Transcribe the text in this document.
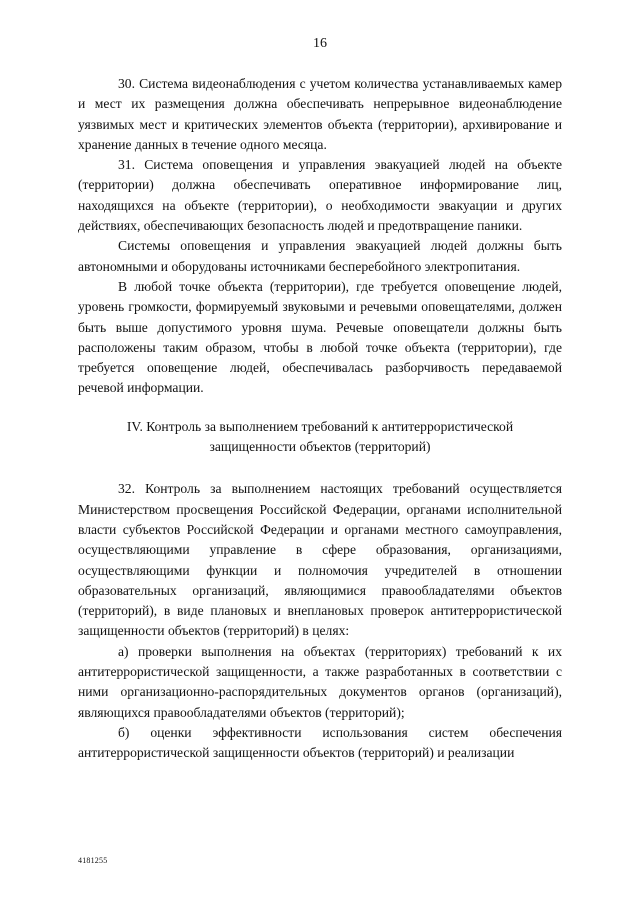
16

30. Система видеонаблюдения с учетом количества устанавливаемых камер и мест их размещения должна обеспечивать непрерывное видеонаблюдение уязвимых мест и критических элементов объекта (территории), архивирование и хранение данных в течение одного месяца.

31. Система оповещения и управления эвакуацией людей на объекте (территории) должна обеспечивать оперативное информирование лиц, находящихся на объекте (территории), о необходимости эвакуации и других действиях, обеспечивающих безопасность людей и предотвращение паники.

Системы оповещения и управления эвакуацией людей должны быть автономными и оборудованы источниками бесперебойного электропитания.

В любой точке объекта (территории), где требуется оповещение людей, уровень громкости, формируемый звуковыми и речевыми оповещателями, должен быть выше допустимого уровня шума. Речевые оповещатели должны быть расположены таким образом, чтобы в любой точке объекта (территории), где требуется оповещение людей, обеспечивалась разборчивость передаваемой речевой информации.

IV. Контроль за выполнением требований к антитеррористической
защищенности объектов (территорий)

32. Контроль за выполнением настоящих требований осуществляется Министерством просвещения Российской Федерации, органами исполнительной власти субъектов Российской Федерации и органами местного самоуправления, осуществляющими управление в сфере образования, организациями, осуществляющими функции и полномочия учредителей в отношении образовательных организаций, являющимися правообладателями объектов (территорий), в виде плановых и внеплановых проверок антитеррористической защищенности объектов (территорий) в целях:

а) проверки выполнения на объектах (территориях) требований к их антитеррористической защищенности, а также разработанных в соответствии с ними организационно-распорядительных документов органов (организаций), являющихся правообладателями объектов (территорий);

б) оценки эффективности использования систем обеспечения антитеррористической защищенности объектов (территорий) и реализации

4181255
